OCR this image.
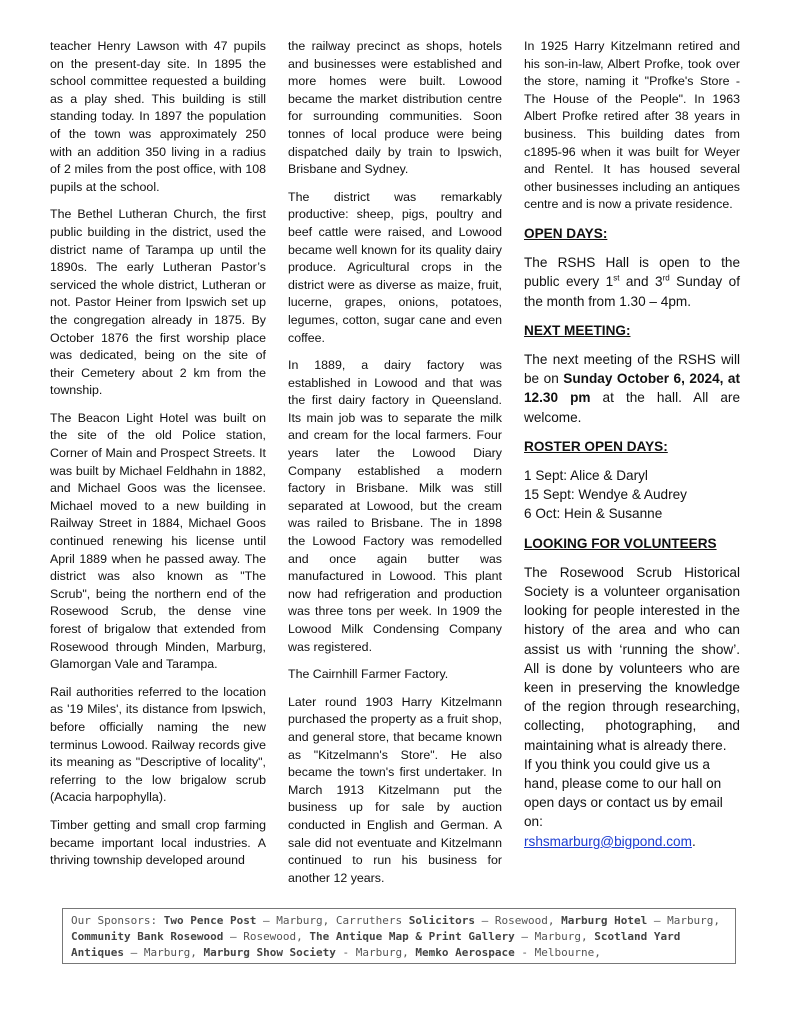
teacher Henry Lawson with 47 pupils on the present-day site. In 1895 the school committee requested a building as a play shed. This building is still standing today. In 1897 the population of the town was approximately 250 with an addition 350 living in a radius of 2 miles from the post office, with 108 pupils at the school.

The Bethel Lutheran Church, the first public building in the district, used the district name of Tarampa up until the 1890s. The early Lutheran Pastor’s serviced the whole district, Lutheran or not. Pastor Heiner from Ipswich set up the congregation already in 1875. By October 1876 the first worship place was dedicated, being on the site of their Cemetery about 2 km from the township.

The Beacon Light Hotel was built on the site of the old Police station, Corner of Main and Prospect Streets. It was built by Michael Feldhahn in 1882, and Michael Goos was the licensee. Michael moved to a new building in Railway Street in 1884, Michael Goos continued renewing his license until April 1889 when he passed away. The district was also known as "The Scrub", being the northern end of the Rosewood Scrub, the dense vine forest of brigalow that extended from Rosewood through Minden, Marburg, Glamorgan Vale and Tarampa.

Rail authorities referred to the location as '19 Miles', its distance from Ipswich, before officially naming the new terminus Lowood. Railway records give its meaning as "Descriptive of locality", referring to the low brigalow scrub (Acacia harpophylla).

Timber getting and small crop farming became important local industries. A thriving township developed around

the railway precinct as shops, hotels and businesses were established and more homes were built. Lowood became the market distribution centre for surrounding communities. Soon tonnes of local produce were being dispatched daily by train to Ipswich, Brisbane and Sydney.

The district was remarkably productive: sheep, pigs, poultry and beef cattle were raised, and Lowood became well known for its quality dairy produce. Agricultural crops in the district were as diverse as maize, fruit, lucerne, grapes, onions, potatoes, legumes, cotton, sugar cane and even coffee.

In 1889, a dairy factory was established in Lowood and that was the first dairy factory in Queensland. Its main job was to separate the milk and cream for the local farmers. Four years later the Lowood Diary Company established a modern factory in Brisbane. Milk was still separated at Lowood, but the cream was railed to Brisbane. The in 1898 the Lowood Factory was remodelled and once again butter was manufactured in Lowood. This plant now had refrigeration and production was three tons per week. In 1909 the Lowood Milk Condensing Company was registered.

The Cairnhill Farmer Factory.

Later round 1903 Harry Kitzelmann purchased the property as a fruit shop, and general store, that became known as "Kitzelmann's Store". He also became the town's first undertaker. In March 1913 Kitzelmann put the business up for sale by auction conducted in English and German. A sale did not eventuate and Kitzelmann continued to run his business for another 12 years.

In 1925 Harry Kitzelmann retired and his son-in-law, Albert Profke, took over the store, naming it "Profke's Store - The House of the People". In 1963 Albert Profke retired after 38 years in business. This building dates from c1895-96 when it was built for Weyer and Rentel. It has housed several other businesses including an antiques centre and is now a private residence.

OPEN DAYS:

The RSHS Hall is open to the public every 1st and 3rd Sunday of the month from 1.30 – 4pm.

NEXT MEETING:

The next meeting of the RSHS will be on Sunday October 6, 2024, at 12.30 pm at the hall. All are welcome.

ROSTER OPEN DAYS:

1 Sept: Alice & Daryl
15 Sept: Wendye & Audrey
6 Oct: Hein & Susanne

LOOKING FOR VOLUNTEERS

The Rosewood Scrub Historical Society is a volunteer organisation looking for people interested in the history of the area and who can assist us with ‘running the show’. All is done by volunteers who are keen in preserving the knowledge of the region through researching, collecting, photographing, and maintaining what is already there.

If you think you could give us a hand, please come to our hall on open days or contact us by email on:

rshsmarburg@bigpond.com.

Our Sponsors: Two Pence Post – Marburg, Carruthers Solicitors – Rosewood, Marburg Hotel – Marburg, Community Bank Rosewood – Rosewood, The Antique Map & Print Gallery – Marburg, Scotland Yard Antiques – Marburg, Marburg Show Society - Marburg, Memko Aerospace - Melbourne,
